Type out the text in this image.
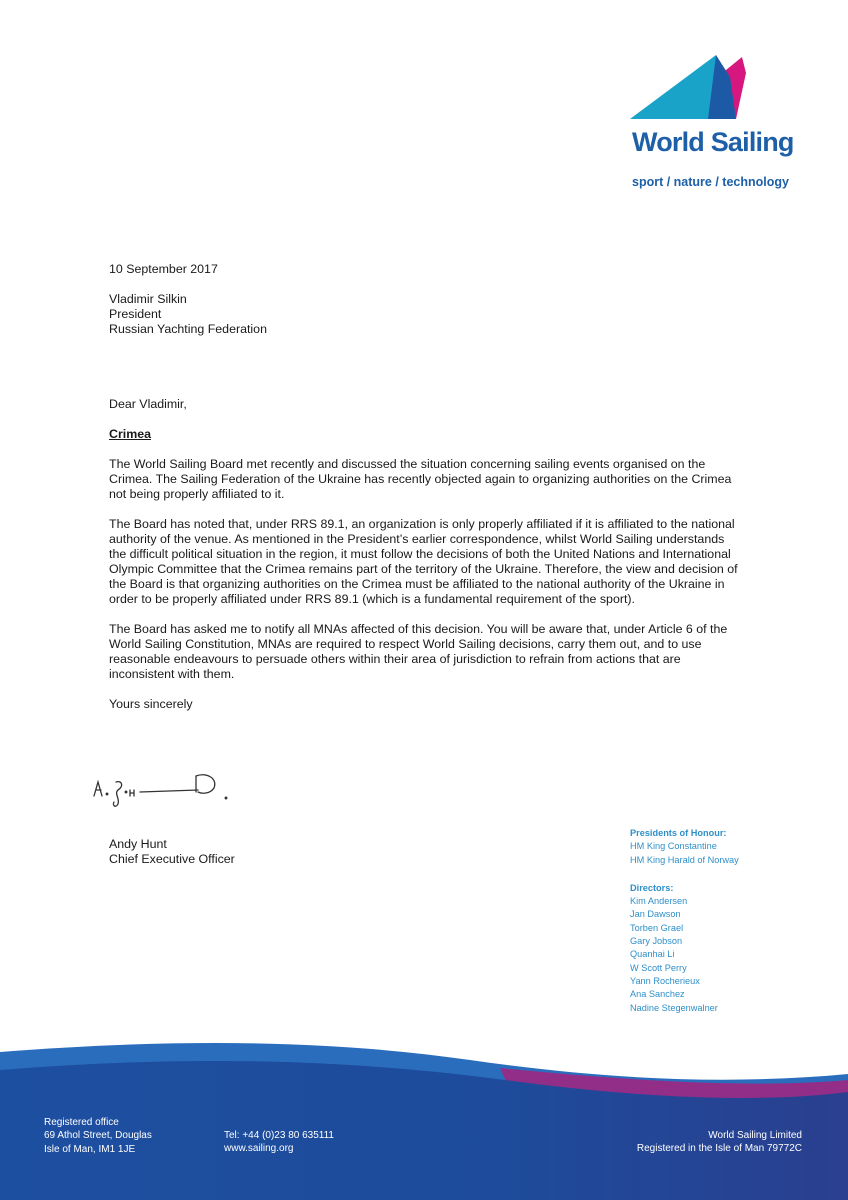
World Sailing
sport / nature / technology

10 September 2017

Vladimir Silkin

President

Russian Yachting Federation

Dear Vladimir,

Crimea

The World Sailing Board met recently and discussed the situation concerning sailing events organised on the Crimea. The Sailing Federation of the Ukraine has recently objected again to organizing authorities on the Crimea not being properly affiliated to it.

The Board has noted that, under RRS 89.1, an organization is only properly affiliated if it is affiliated to the national authority of the venue. As mentioned in the President’s earlier correspondence, whilst World Sailing understands the difficult political situation in the region, it must follow the decisions of both the United Nations and International Olympic Committee that the Crimea remains part of the territory of the Ukraine. Therefore, the view and decision of the Board is that organizing authorities on the Crimea must be affiliated to the national authority of the Ukraine in order to be properly affiliated under RRS 89.1 (which is a fundamental requirement of the sport).

The Board has asked me to notify all MNAs affected of this decision. You will be aware that, under Article 6 of the World Sailing Constitution, MNAs are required to respect World Sailing decisions, carry them out, and to use reasonable endeavours to persuade others within their area of jurisdiction to refrain from actions that are inconsistent with them.

Yours sincerely

Andy Hunt

Chief Executive Officer

Presidents of Honour:

HM King Constantine

HM King Harald of Norway

Directors:

Kim Andersen

Jan Dawson

Torben Grael

Gary Jobson

Quanhai Li

W Scott Perry

Yann Rocherieux

Ana Sanchez

Nadine Stegenwalner

Registered office

69 Athol Street, Douglas

Isle of Man, IM1 1JE

Tel: +44 (0)23 80 635111

www.sailing.org

World Sailing Limited

Registered in the Isle of Man 79772C
